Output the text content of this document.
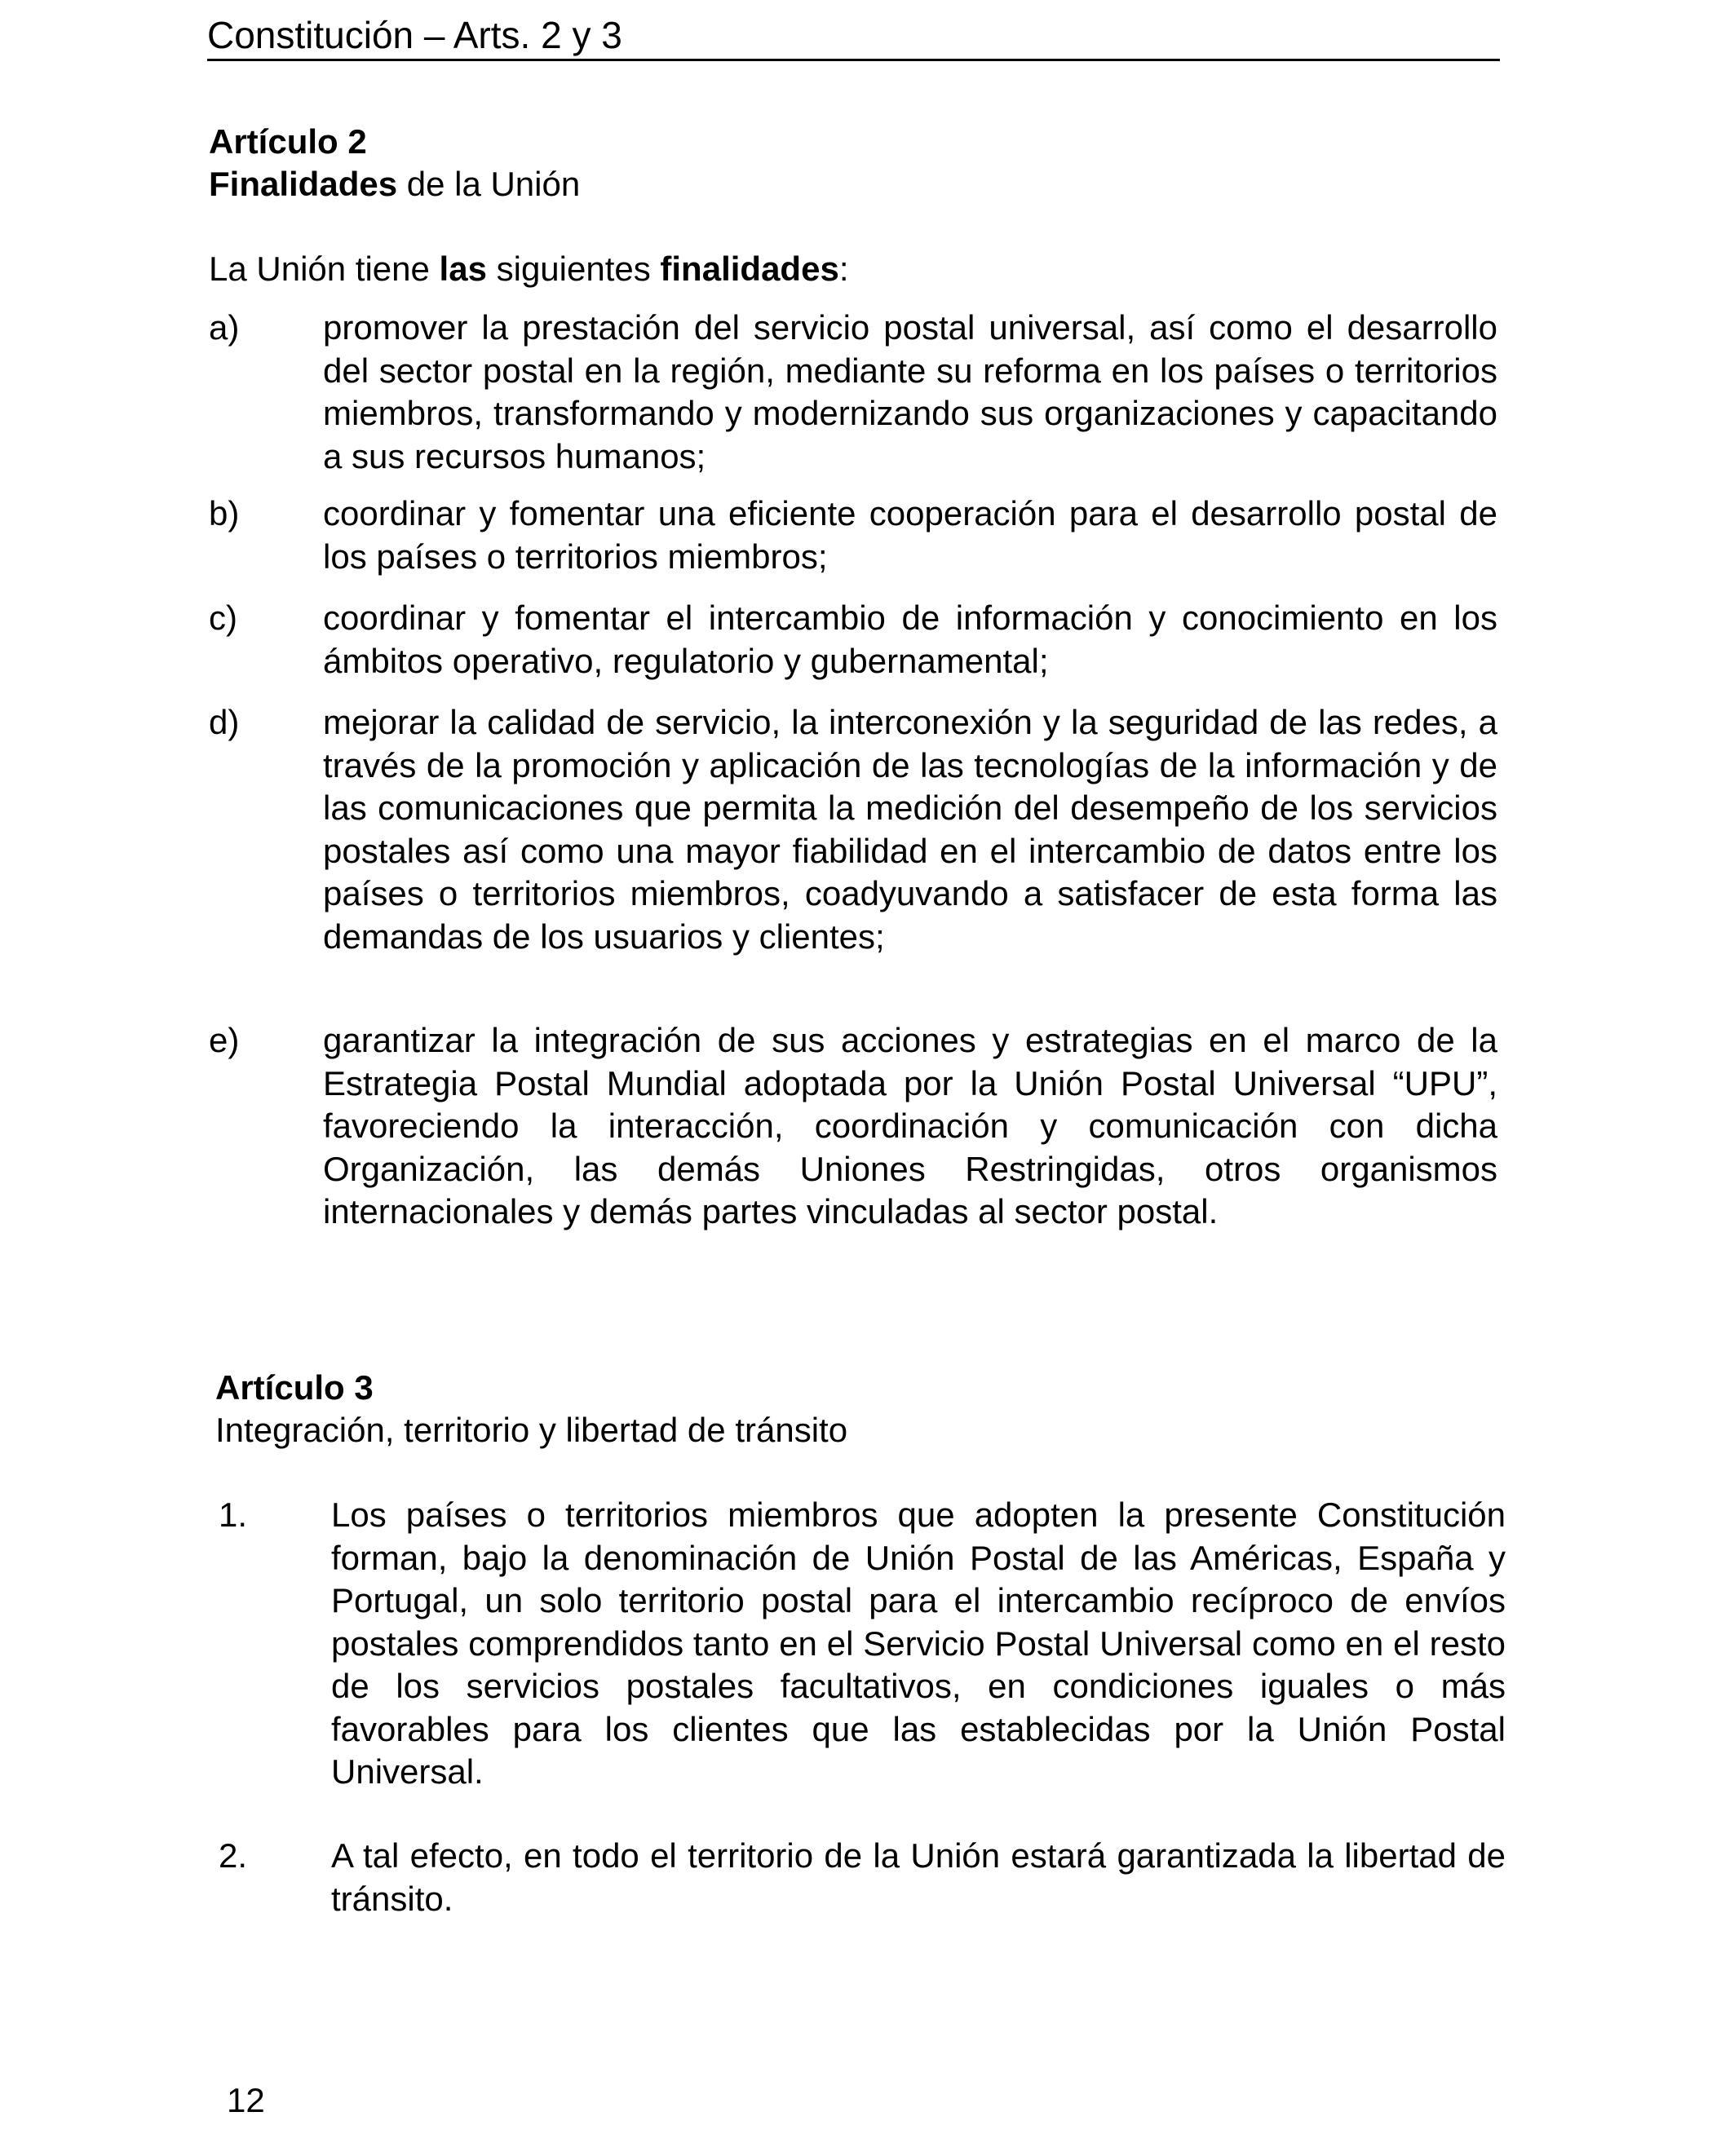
Constitución – Arts. 2 y 3
Artículo 2
Finalidades de la Unión
La Unión tiene las siguientes finalidades:
a) promover la prestación del servicio postal universal, así como el desarrollo del sector postal en la región, mediante su reforma en los países o territorios miembros, transformando y modernizando sus organizaciones y capacitando a sus recursos humanos;
b) coordinar y fomentar una eficiente cooperación para el desarrollo postal de los países o territorios miembros;
c)	coordinar y fomentar el intercambio de información y conocimiento en los ámbitos operativo, regulatorio y gubernamental;
d) mejorar la calidad de servicio, la interconexión y la seguridad de las redes, a través de la promoción y aplicación de las tecnologías de la información y de las comunicaciones que permita la medición del desempeño de los servicios postales así como una mayor fiabilidad en el intercambio de datos entre los países o territorios miembros, coadyuvando a satisfacer de esta forma las demandas de los usuarios y clientes;
e) garantizar la integración de sus acciones y estrategias en el marco de la Estrategia Postal Mundial adoptada por la Unión Postal Universal “UPU”, favoreciendo la interacción, coordinación y comunicación con dicha Organización, las demás Uniones Restringidas, otros organismos internacionales y demás partes vinculadas al sector postal.
Artículo 3
Integración, territorio y libertad de tránsito
1. Los países o territorios miembros que adopten la presente Constitución forman, bajo la denominación de Unión Postal de las Américas, España y Portugal, un solo territorio postal para el intercambio recíproco de envíos postales comprendidos tanto en el Servicio Postal Universal como en el resto de los servicios postales facultativos, en condiciones iguales o más favorables para los clientes que las establecidas por la Unión Postal Universal.
2. A tal efecto, en todo el territorio de la Unión estará garantizada la libertad de tránsito.
12
